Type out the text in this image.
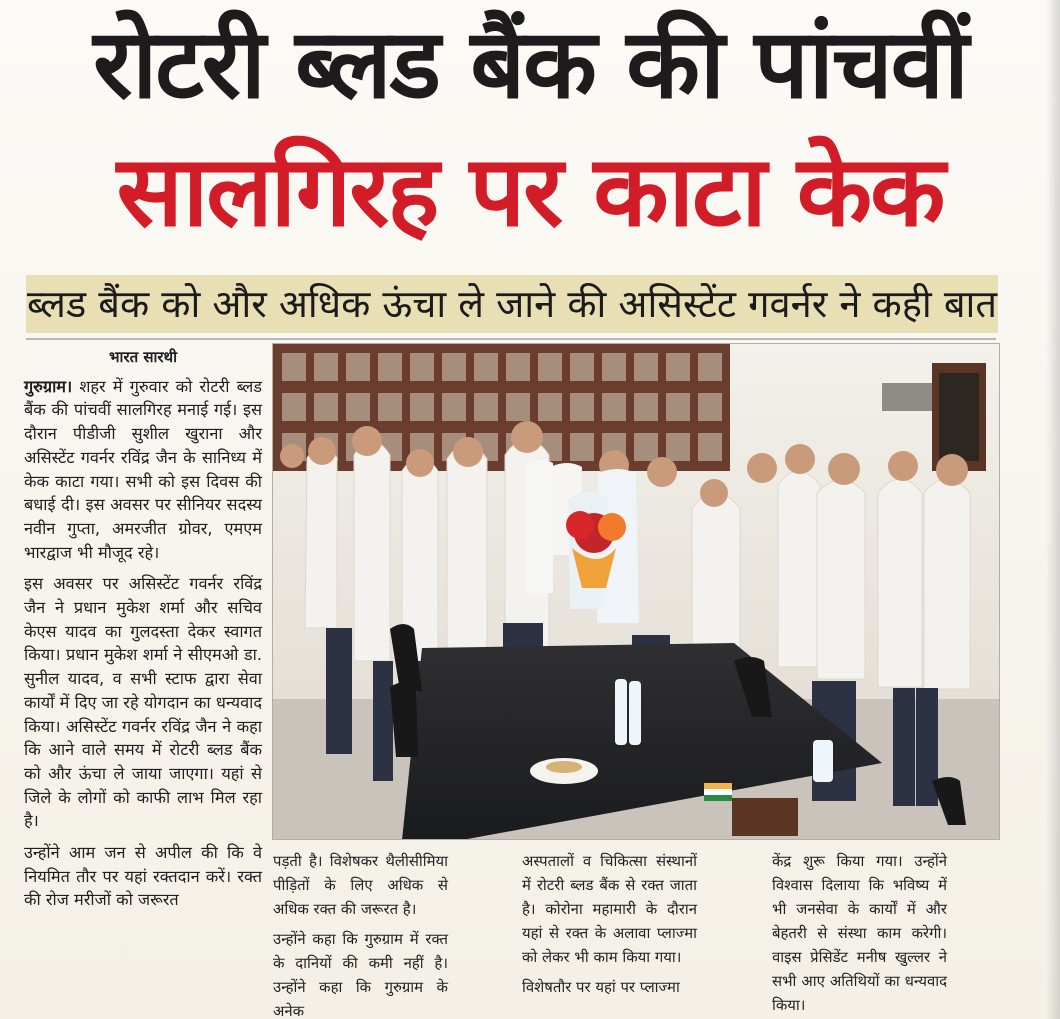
रोटरी ब्लड बैंक की पांचवीं
सालगिरह पर काटा केक
ब्लड बैंक को और अधिक ऊंचा ले जाने की असिस्टेंट गवर्नर ने कही बात

भारत सारथी

गुरुग्राम। शहर में गुरुवार को रोटरी ब्लड बैंक की पांचवीं सालगिरह मनाई गई। इस दौरान पीडीजी सुशील खुराना और असिस्टेंट गवर्नर रविंद्र जैन के सानिध्य में केक काटा गया। सभी को इस दिवस की बधाई दी। इस अवसर पर सीनियर सदस्य नवीन गुप्ता, अमरजीत ग्रोवर, एमएम भारद्वाज भी मौजूद रहे।

इस अवसर पर असिस्टेंट गवर्नर रविंद्र जैन ने प्रधान मुकेश शर्मा और सचिव केएस यादव का गुलदस्ता देकर स्वागत किया। प्रधान मुकेश शर्मा ने सीएमओ डा. सुनील यादव, व सभी स्टाफ द्वारा सेवा कार्यों में दिए जा रहे योगदान का धन्यवाद किया। असिस्टेंट गवर्नर रविंद्र जैन ने कहा कि आने वाले समय में रोटरी ब्लड बैंक को और ऊंचा ले जाया जाएगा। यहां से जिले के लोगों को काफी लाभ मिल रहा है।

उन्होंने आम जन से अपील की कि वे नियमित तौर पर यहां रक्तदान करें। रक्त की रोज मरीजों को जरूरत

पड़ती है। विशेषकर थैलीसीमिया पीड़ितों के लिए अधिक से अधिक रक्त की जरूरत है।

उन्होंने कहा कि गुरुग्राम में रक्त के दानियों की कमी नहीं है। उन्होंने कहा कि गुरुग्राम के अनेक

अस्पतालों व चिकित्सा संस्थानों में रोटरी ब्लड बैंक से रक्त जाता है। कोरोना महामारी के दौरान यहां से रक्त के अलावा प्लाज्मा को लेकर भी काम किया गया।

विशेषतौर पर यहां पर प्लाज्मा

केंद्र शुरू किया गया। उन्होंने विश्वास दिलाया कि भविष्य में भी जनसेवा के कार्यों में और बेहतरी से संस्था काम करेगी। वाइस प्रेसिडेंट मनीष खुल्लर ने सभी आए अतिथियों का धन्यवाद किया।
